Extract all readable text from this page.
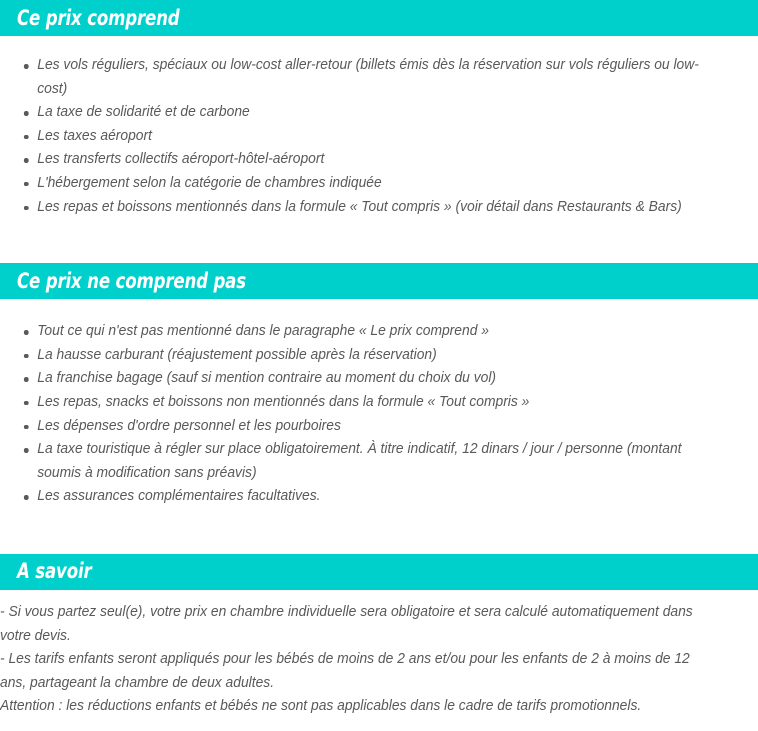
Ce prix comprend
Les vols réguliers, spéciaux ou low-cost aller-retour (billets émis dès la réservation sur vols réguliers ou low-cost)
La taxe de solidarité et de carbone
Les taxes aéroport
Les transferts collectifs aéroport-hôtel-aéroport
L'hébergement selon la catégorie de chambres indiquée
Les repas et boissons mentionnés dans la formule « Tout compris » (voir détail dans Restaurants & Bars)
Ce prix ne comprend pas
Tout ce qui n'est pas mentionné dans le paragraphe « Le prix comprend »
La hausse carburant (réajustement possible après la réservation)
La franchise bagage (sauf si mention contraire au moment du choix du vol)
Les repas, snacks et boissons non mentionnés dans la formule « Tout compris »
Les dépenses d'ordre personnel et les pourboires
La taxe touristique à régler sur place obligatoirement. À titre indicatif, 12 dinars / jour / personne (montant soumis à modification sans préavis)
Les assurances complémentaires facultatives.
A savoir

- Si vous partez seul(e), votre prix en chambre individuelle sera obligatoire et sera calculé automatiquement dans votre devis.

- Les tarifs enfants seront appliqués pour les bébés de moins de 2 ans et/ou pour les enfants de 2 à moins de 12 ans, partageant la chambre de deux adultes.

Attention : les réductions enfants et bébés ne sont pas applicables dans le cadre de tarifs promotionnels.
